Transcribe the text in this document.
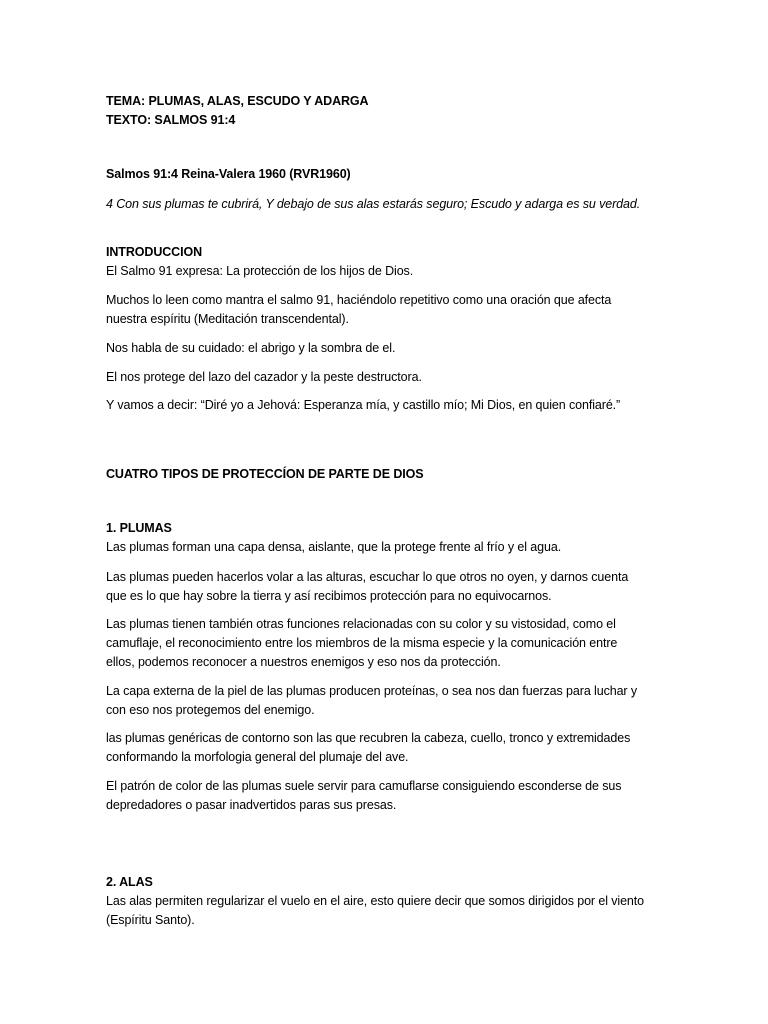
TEMA: PLUMAS, ALAS, ESCUDO Y ADARGA
TEXTO: SALMOS 91:4
Salmos 91:4 Reina-Valera 1960 (RVR1960)
4 Con sus plumas te cubrirá, Y debajo de sus alas estarás seguro; Escudo y adarga es su verdad.
INTRODUCCION
El Salmo 91 expresa: La protección de los hijos de Dios.
Muchos lo leen como mantra el salmo 91, haciéndolo repetitivo como una oración que afecta
nuestra espíritu (Meditación transcendental).
Nos habla de su cuidado: el abrigo y la sombra de el.
El nos protege del lazo del cazador y la peste destructora.
Y vamos a decir: “Diré yo a Jehová: Esperanza mía, y castillo mío; Mi Dios, en quien confiaré.”
CUATRO TIPOS DE PROTECCÍON DE PARTE DE DIOS
1. PLUMAS
Las plumas forman una capa densa, aislante, que la protege frente al frío y el agua.
Las plumas pueden hacerlos volar a las alturas, escuchar lo que otros no oyen, y darnos cuenta
que es lo que hay sobre la tierra y así recibimos protección para no equivocarnos.
Las plumas tienen también otras funciones relacionadas con su color y su vistosidad, como el
camuflaje, el reconocimiento entre los miembros de la misma especie y la comunicación entre
ellos, podemos reconocer a nuestros enemigos y eso nos da protección.
La capa externa de la piel de las plumas producen proteínas, o sea nos dan fuerzas para luchar y
con eso nos protegemos del enemigo.
las plumas genéricas de contorno son las que recubren la cabeza, cuello, tronco y extremidades
conformando la morfologia general del plumaje del ave.
El patrón de color de las plumas suele servir para camuflarse consiguiendo esconderse de sus
depredadores o pasar inadvertidos paras sus presas.
2. ALAS
Las alas permiten regularizar el vuelo en el aire, esto quiere decir que somos dirigidos por el viento
(Espíritu Santo).
